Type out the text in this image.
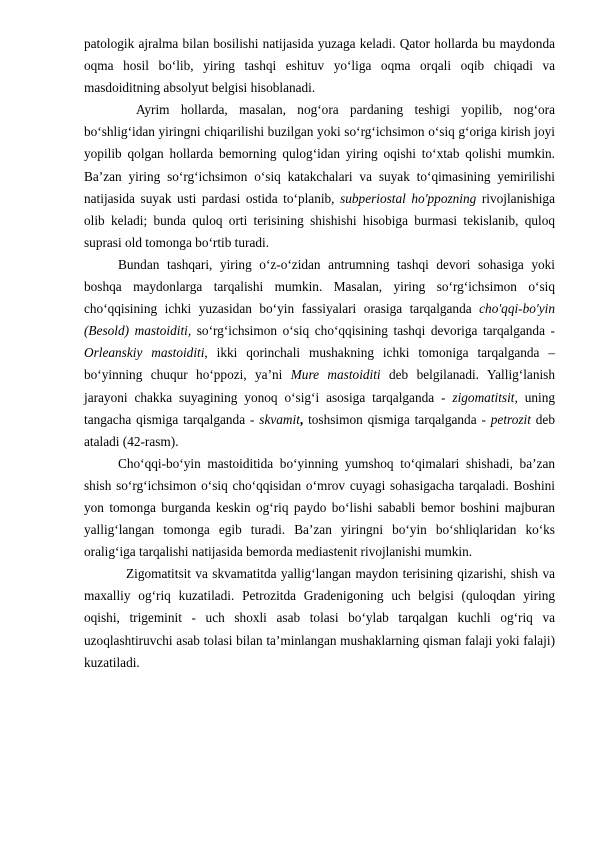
patologik ajralma bilan bosilishi natijasida yuzaga keladi. Qator hollarda bu maydonda oqma hosil bo‘lib, yiring tashqi eshituv yo‘liga oqma orqali oqib chiqadi va masdoiditning absolyut belgisi hisoblanadi.

Ayrim hollarda, masalan, nog‘ora pardaning teshigi yopilib, nog‘ora bo‘shlig‘idan yiringni chiqarilishi buzilgan yoki so‘rg‘ichsimon o‘siq g‘origa kirish joyi yopilib qolgan hollarda bemorning qulog‘idan yiring oqishi to‘xtab qolishi mumkin. Ba’zan yiring so‘rg‘ichsimon o‘siq katakchalari va suyak to‘qimasining yemirilishi natijasida suyak usti pardasi ostida to‘planib, subperiostal ho'ppozning rivojlanishiga olib keladi; bunda quloq orti terisining shishishi hisobiga burmasi tekislanib, quloq suprasi old tomonga bo‘rtib turadi.

Bundan tashqari, yiring o‘z-o‘zidan antrumning tashqi devori sohasiga yoki boshqa maydonlarga tarqalishi mumkin. Masalan, yiring so‘rg‘ichsimon o‘siq cho‘qqisining ichki yuzasidan bo‘yin fassiyalari orasiga tarqalganda cho'qqi-bo'yin (Besold) mastoiditi, so‘rg‘ichsimon o‘siq cho‘qqisining tashqi devoriga tarqalganda - Orleanskiy mastoiditi, ikki qorinchali mushakning ichki tomoniga tarqalganda – bo‘yinning chuqur ho‘ppozi, ya’ni Mure mastoiditi deb belgilanadi. Yallig‘lanish jarayoni chakka suyagining yonoq o‘sig‘i asosiga tarqalganda - zigomatitsit, uning tangacha qismiga tarqalganda - skvamit, toshsimon qismiga tarqalganda - petrozit deb ataladi (42-rasm).

Cho‘qqi-bo‘yin mastoiditida bo‘yinning yumshoq to‘qimalari shishadi, ba’zan shish so‘rg‘ichsimon o‘siq cho‘qqisidan o‘mrov cuyagi sohasigacha tarqaladi. Boshini yon tomonga burganda keskin og‘riq paydo bo‘lishi sababli bemor boshini majburan yallig‘langan tomonga egib turadi. Ba’zan yiringni bo‘yin bo‘shliqlaridan ko‘ks oralig‘iga tarqalishi natijasida bemorda mediastenit rivojlanishi mumkin.

Zigomatitsit va skvamatitda yallig‘langan maydon terisining qizarishi, shish va maxalliy og‘riq kuzatiladi. Petrozitda Gradenigoning uch belgisi (quloqdan yiring oqishi, trigeminit - uch shoxli asab tolasi bo‘ylab tarqalgan kuchli og‘riq va uzoqlashtiruvchi asab tolasi bilan ta’minlangan mushaklarning qisman falaji yoki falaji) kuzatiladi.
